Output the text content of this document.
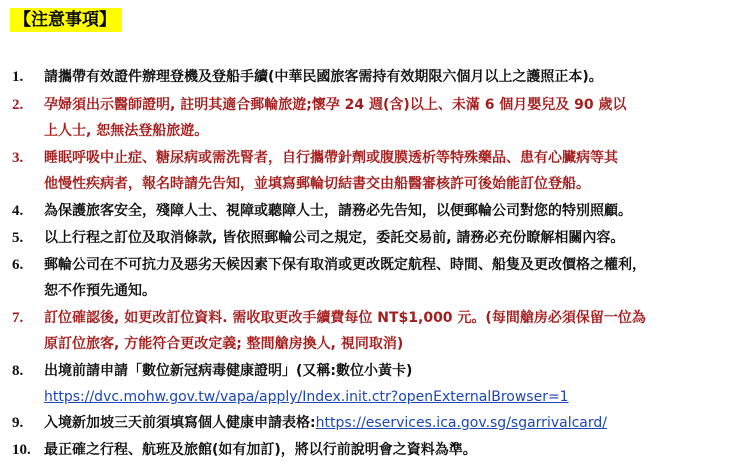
【注意事項】
1.	請攜帶有效證件辦理登機及登船手續(中華民國旅客需持有效期限六個月以上之護照正本)。
2.	孕婦須出示醫師證明, 註明其適合郵輪旅遊;懷孕 24 週(含)以上、未滿 6 個月嬰兒及 90 歲以
上人士, 恕無法登船旅遊。
3.	睡眠呼吸中止症、糖尿病或需洗腎者，自行攜帶針劑或腹膜透析等特殊藥品、患有心臟病等其
他慢性疾病者，報名時請先告知，並填寫郵輪切結書交由船醫審核許可後始能訂位登船。
4.	為保護旅客安全，殘障人士、視障或聽障人士，請務必先告知，以便郵輪公司對您的特別照顧。
5.	以上行程之訂位及取消條款, 皆依照郵輪公司之規定，委託交易前, 請務必充份瞭解相關內容。
6.	郵輪公司在不可抗力及惡劣天候因素下保有取消或更改既定航程、時間、船隻及更改價格之權利，
恕不作預先通知。
7.	訂位確認後, 如更改訂位資料. 需收取更改手續費每位 NT$1,000 元。(每間艙房必須保留一位為
原訂位旅客, 方能符合更改定義; 整間艙房換人, 視同取消)
8.	出境前請申請「數位新冠病毒健康證明」(又稱:數位小黃卡)
https://dvc.mohw.gov.tw/vapa/apply/Index.init.ctr?openExternalBrowser=1
9.	入境新加坡三天前須填寫個人健康申請表格:https://eservices.ica.gov.sg/sgarrivalcard/
10. 最正確之行程、航班及旅館(如有加訂)，將以行前說明會之資料為準。
